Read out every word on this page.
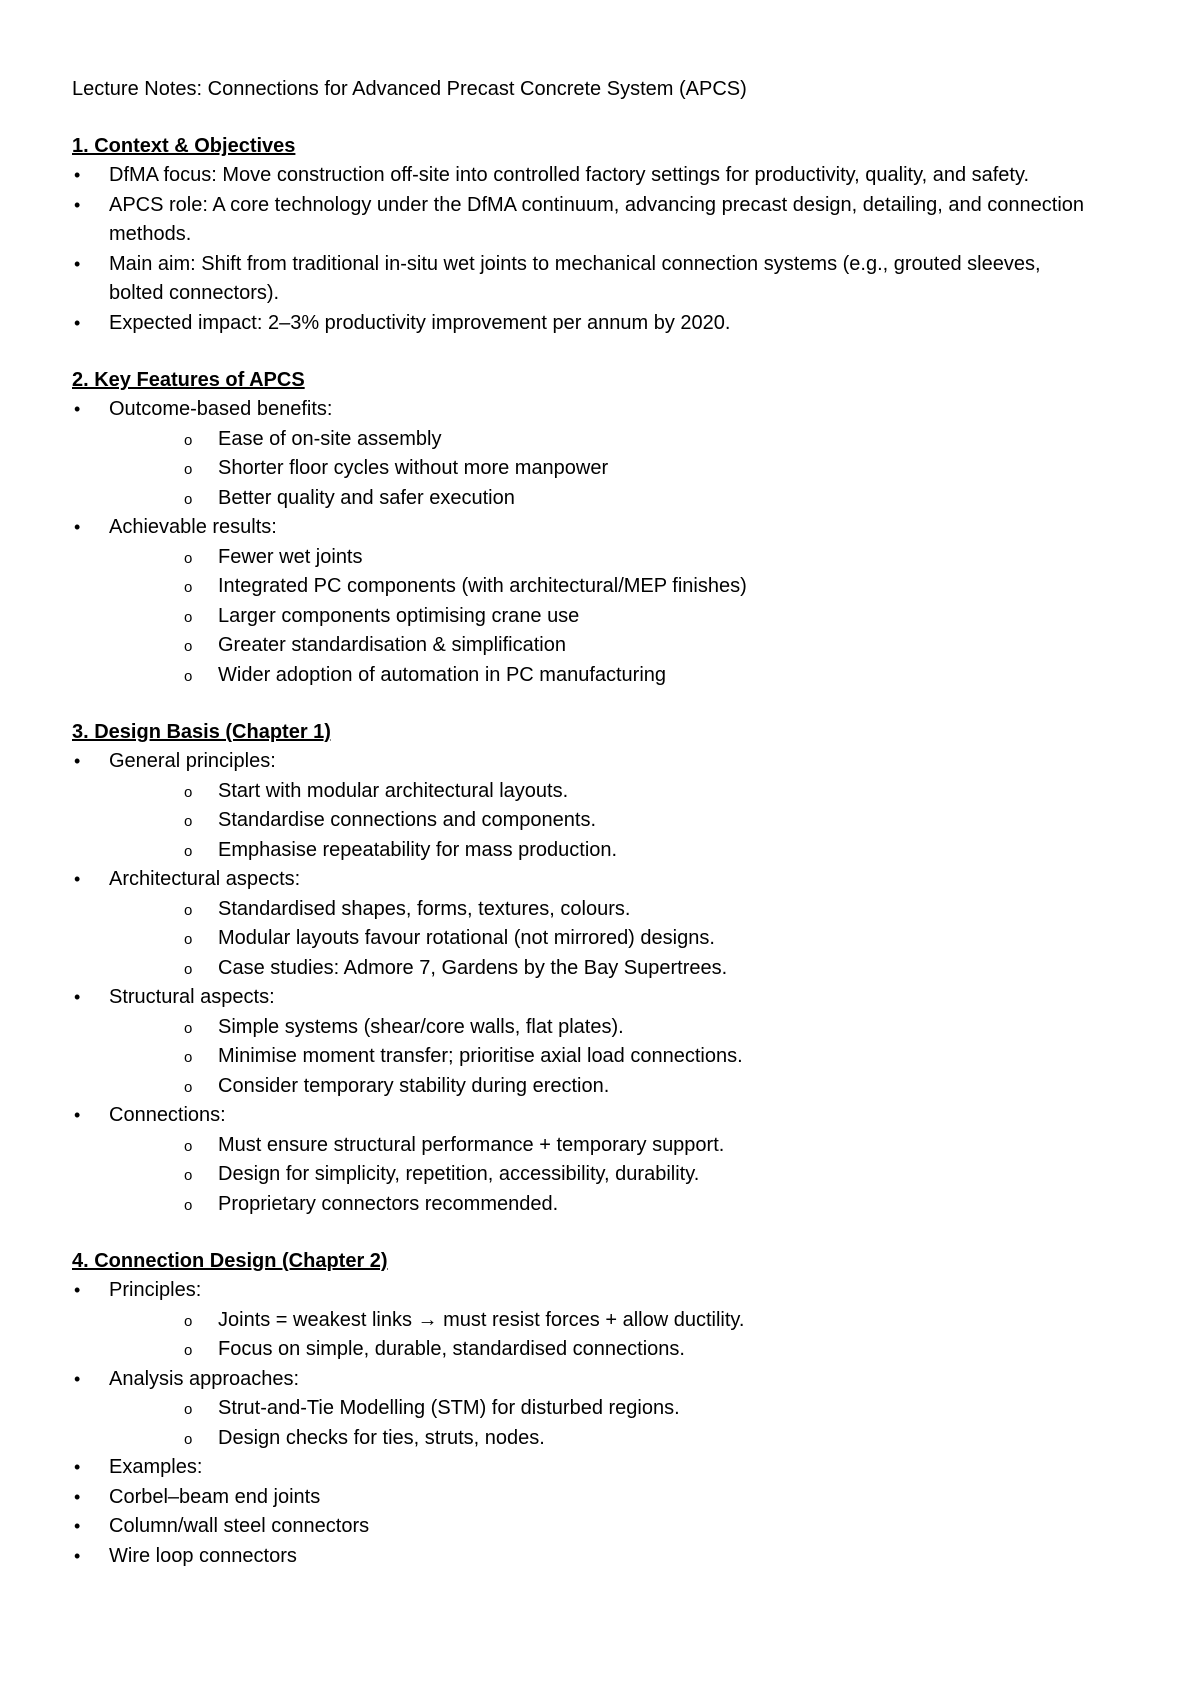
Lecture Notes: Connections for Advanced Precast Concrete System (APCS)

1. Context & Objectives

•
DfMA focus: Move construction off-site into controlled factory settings for productivity, quality, and safety.
•
APCS role: A core technology under the DfMA continuum, advancing precast design, detailing, and connection methods.
•
Main aim: Shift from traditional in-situ wet joints to mechanical connection systems (e.g., grouted sleeves, bolted connectors).
•
Expected impact: 2–3% productivity improvement per annum by 2020.

2. Key Features of APCS

•
Outcome-based benefits:
o
Ease of on-site assembly
o
Shorter floor cycles without more manpower
o
Better quality and safer execution
•
Achievable results:
o
Fewer wet joints
o
Integrated PC components (with architectural/MEP finishes)
o
Larger components optimising crane use
o
Greater standardisation & simplification
o
Wider adoption of automation in PC manufacturing

3. Design Basis (Chapter 1)

•
General principles:
o
Start with modular architectural layouts.
o
Standardise connections and components.
o
Emphasise repeatability for mass production.
•
Architectural aspects:
o
Standardised shapes, forms, textures, colours.
o
Modular layouts favour rotational (not mirrored) designs.
o
Case studies: Admore 7, Gardens by the Bay Supertrees.
•
Structural aspects:
o
Simple systems (shear/core walls, flat plates).
o
Minimise moment transfer; prioritise axial load connections.
o
Consider temporary stability during erection.
•
Connections:
o
Must ensure structural performance + temporary support.
o
Design for simplicity, repetition, accessibility, durability.
o
Proprietary connectors recommended.

4. Connection Design (Chapter 2)

•
Principles:
o
Joints = weakest links → must resist forces + allow ductility.
o
Focus on simple, durable, standardised connections.
•
Analysis approaches:
o
Strut-and-Tie Modelling (STM) for disturbed regions.
o
Design checks for ties, struts, nodes.
•
Examples:
•
Corbel–beam end joints
•
Column/wall steel connectors
•
Wire loop connectors
